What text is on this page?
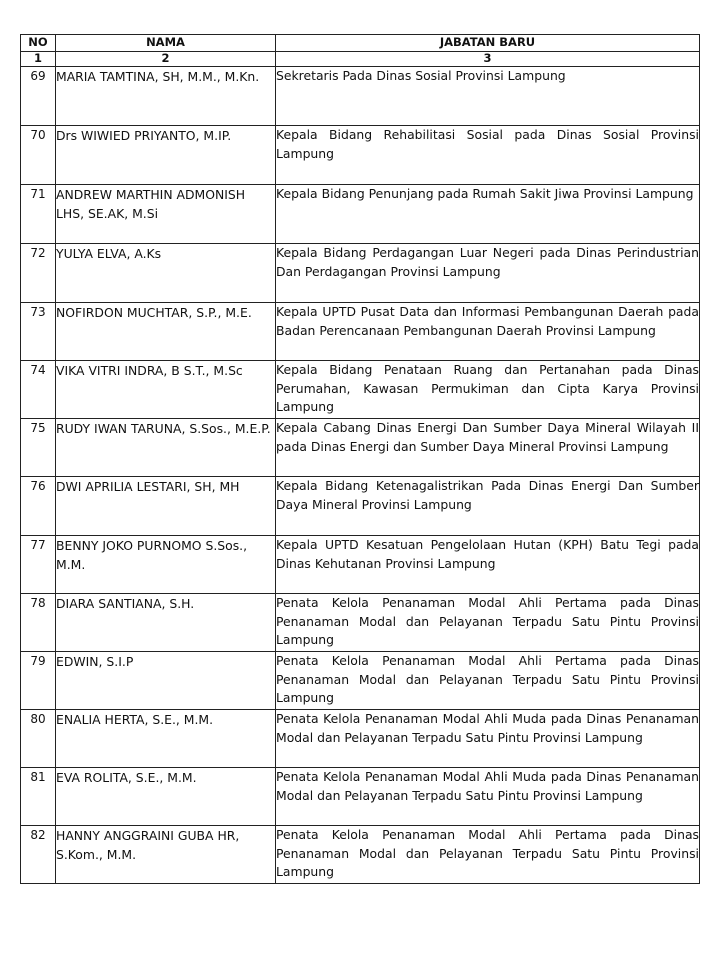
NO	NAMA	JABATAN BARU
1	2	3
69	MARIA TAMTINA, SH, M.M., M.Kn.	Sekretaris Pada Dinas Sosial Provinsi Lampung
70	Drs WIWIED PRIYANTO, M.IP.	Kepala Bidang Rehabilitasi Sosial pada Dinas Sosial Provinsi Lampung
71	ANDREW MARTHIN ADMONISH LHS, SE.AK, M.Si	Kepala Bidang Penunjang pada Rumah Sakit Jiwa Provinsi Lampung
72	YULYA ELVA, A.Ks	Kepala Bidang Perdagangan Luar Negeri pada Dinas Perindustrian Dan Perdagangan Provinsi Lampung
73	NOFIRDON MUCHTAR, S.P., M.E.	Kepala UPTD Pusat Data dan Informasi Pembangunan Daerah pada Badan Perencanaan Pembangunan Daerah Provinsi Lampung
74	VIKA VITRI INDRA, B S.T., M.Sc	Kepala Bidang Penataan Ruang dan Pertanahan pada Dinas Perumahan, Kawasan Permukiman dan Cipta Karya Provinsi Lampung
75	RUDY IWAN TARUNA, S.Sos., M.E.P.	Kepala Cabang Dinas Energi Dan Sumber Daya Mineral Wilayah II pada Dinas Energi dan Sumber Daya Mineral Provinsi Lampung
76	DWI APRILIA LESTARI, SH, MH	Kepala Bidang Ketenagalistrikan Pada Dinas Energi Dan Sumber Daya Mineral Provinsi Lampung
77	BENNY JOKO PURNOMO S.Sos., M.M.	Kepala UPTD Kesatuan Pengelolaan Hutan (KPH) Batu Tegi pada Dinas Kehutanan Provinsi Lampung
78	DIARA SANTIANA, S.H.	Penata Kelola Penanaman Modal Ahli Pertama pada Dinas Penanaman Modal dan Pelayanan Terpadu Satu Pintu Provinsi Lampung
79	EDWIN, S.I.P	Penata Kelola Penanaman Modal Ahli Pertama pada Dinas Penanaman Modal dan Pelayanan Terpadu Satu Pintu Provinsi Lampung
80	ENALIA HERTA, S.E., M.M.	Penata Kelola Penanaman Modal Ahli Muda pada Dinas Penanaman Modal dan Pelayanan Terpadu Satu Pintu Provinsi Lampung
81	EVA ROLITA, S.E., M.M.	Penata Kelola Penanaman Modal Ahli Muda pada Dinas Penanaman Modal dan Pelayanan Terpadu Satu Pintu Provinsi Lampung
82	HANNY ANGGRAINI GUBA HR, S.Kom., M.M.	Penata Kelola Penanaman Modal Ahli Pertama pada Dinas Penanaman Modal dan Pelayanan Terpadu Satu Pintu Provinsi Lampung
